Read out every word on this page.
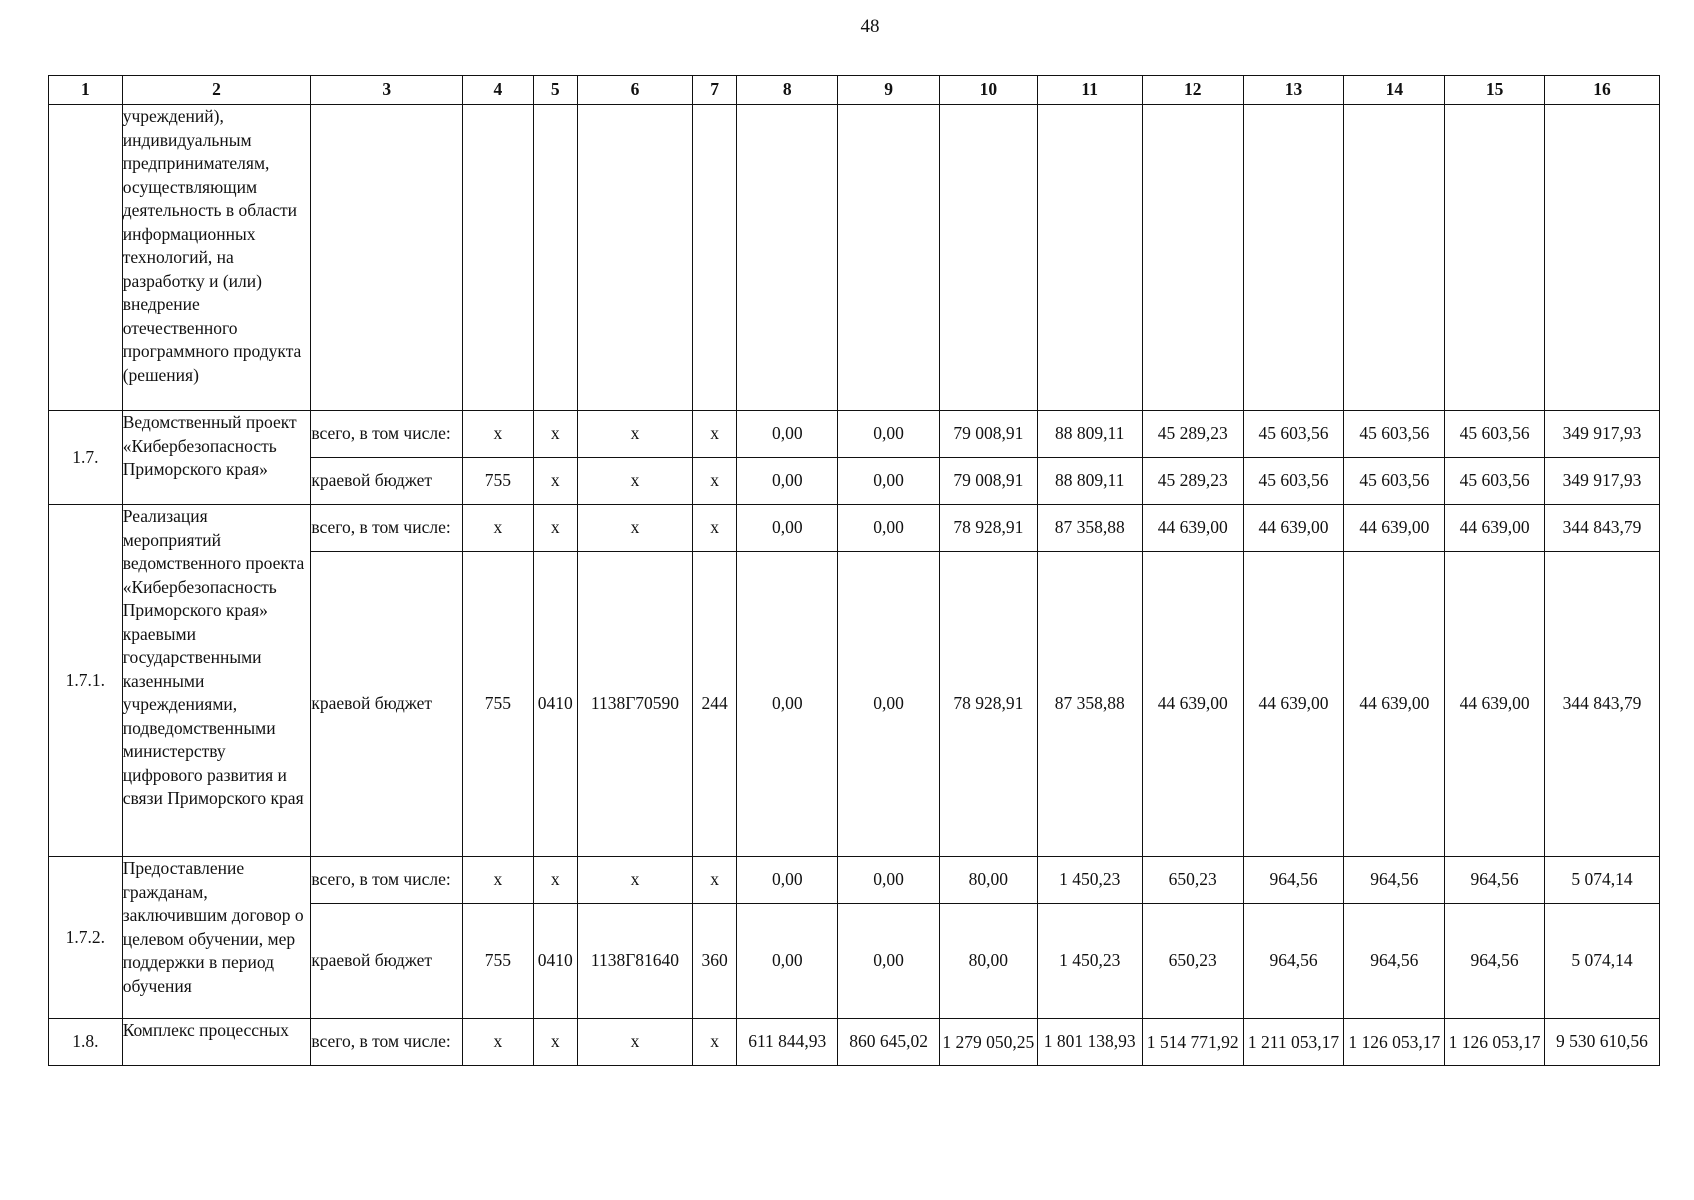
48
1	2	3	4	5	6	7	8	9	10	11	12	13	14	15	16
	учреждений), индивидуальным предпринимателям, осуществляющим деятельность в области информационных технологий, на разработку и (или) внедрение отечественного программного продукта (решения)														
1.7.	Ведомственный проект «Кибербезопасность Приморского края»	всего, в том числе:	x	x	x	x	0,00	0,00	79 008,91	88 809,11	45 289,23	45 603,56	45 603,56	45 603,56	349 917,93
		краевой бюджет	755	x	x	x	0,00	0,00	79 008,91	88 809,11	45 289,23	45 603,56	45 603,56	45 603,56	349 917,93
1.7.1.	Реализация мероприятий ведомственного проекта «Кибербезопасность Приморского края» краевыми государственными казенными учреждениями, подведомственными министерству цифрового развития и связи Приморского края	всего, в том числе:	x	x	x	x	0,00	0,00	78 928,91	87 358,88	44 639,00	44 639,00	44 639,00	44 639,00	344 843,79
		краевой бюджет	755	0410	1138Г70590	244	0,00	0,00	78 928,91	87 358,88	44 639,00	44 639,00	44 639,00	44 639,00	344 843,79
1.7.2.	Предоставление гражданам, заключившим договор о целевом обучении, мер поддержки в период обучения	всего, в том числе:	x	x	x	x	0,00	0,00	80,00	1 450,23	650,23	964,56	964,56	964,56	5 074,14
		краевой бюджет	755	0410	1138Г81640	360	0,00	0,00	80,00	1 450,23	650,23	964,56	964,56	964,56	5 074,14
1.8.	Комплекс процессных	всего, в том числе:	x	x	x	x	611 844,93	860 645,02	1 279 050,25	1 801 138,93	1 514 771,92	1 211 053,17	1 126 053,17	1 126 053,17	9 530 610,56
